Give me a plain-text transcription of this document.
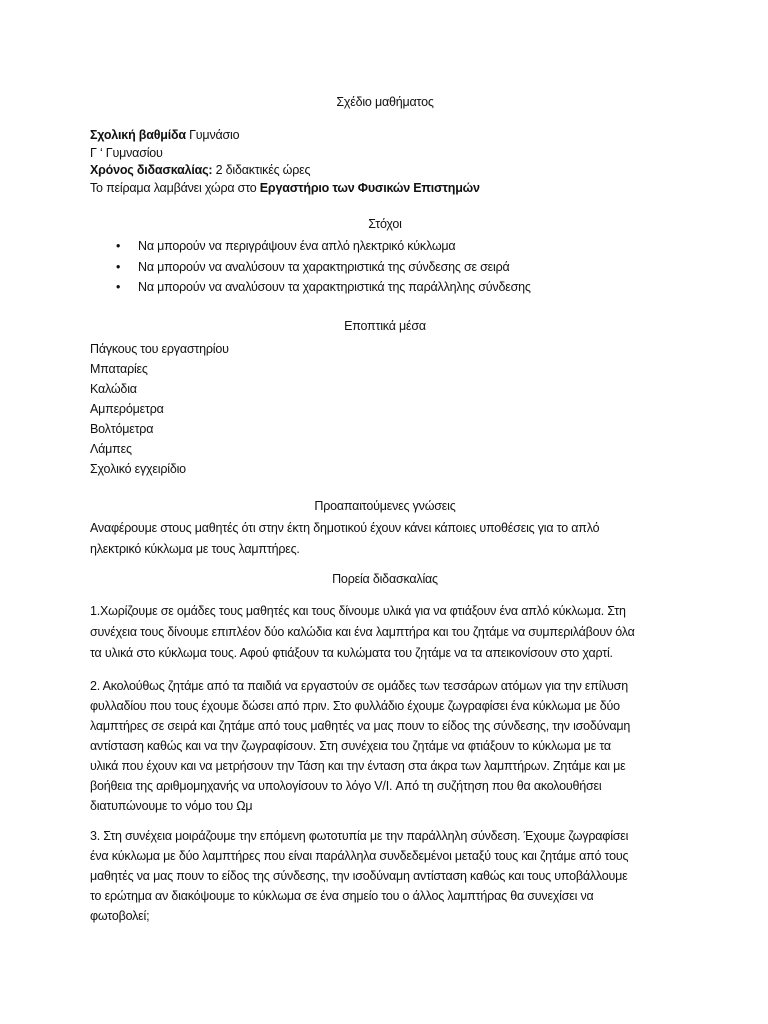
Σχέδιο μαθήματος
Σχολική βαθμίδα Γυμνάσιο
Γ ‘ Γυμνασίου
Χρόνος διδασκαλίας: 2 διδακτικές ώρες
Το πείραμα λαμβάνει χώρα στο Εργαστήριο των Φυσικών Επιστημών
Στόχοι
• Να μπορούν να περιγράψουν ένα απλό ηλεκτρικό κύκλωμα
• Να μπορούν να αναλύσουν τα χαρακτηριστικά της σύνδεσης σε σειρά
• Να μπορούν να αναλύσουν τα χαρακτηριστικά της παράλληλης σύνδεσης
Εποπτικά μέσα
Πάγκους του εργαστηρίου
Μπαταρίες
Καλώδια
Αμπερόμετρα
Βολτόμετρα
Λάμπες
Σχολικό εγχειρίδιο
Προαπαιτούμενες γνώσεις
Αναφέρουμε στους μαθητές ότι στην έκτη δημοτικού έχουν κάνει κάποιες υποθέσεις για το απλό
ηλεκτρικό κύκλωμα με τους λαμπτήρες.
Πορεία διδασκαλίας
1.Χωρίζουμε σε ομάδες τους μαθητές και τους δίνουμε υλικά για να φτιάξουν ένα απλό κύκλωμα. Στη
συνέχεια τους δίνουμε επιπλέον δύο καλώδια και ένα λαμπτήρα και του ζητάμε να συμπεριλάβουν όλα
τα υλικά στο κύκλωμα τους. Αφού φτιάξουν τα κυλώματα του ζητάμε να τα απεικονίσουν στο χαρτί.
2. Ακολούθως ζητάμε από τα παιδιά να εργαστούν σε ομάδες των τεσσάρων ατόμων για την επίλυση
φυλλαδίου που τους έχουμε δώσει από πριν. Στο φυλλάδιο έχουμε ζωγραφίσει ένα κύκλωμα με δύο
λαμπτήρες σε σειρά και ζητάμε από τους μαθητές να μας πουν το είδος της σύνδεσης, την ισοδύναμη
αντίσταση καθώς και να την ζωγραφίσουν. Στη συνέχεια του ζητάμε να φτιάξουν το κύκλωμα με τα
υλικά που έχουν και να μετρήσουν την Τάση και την ένταση στα άκρα των λαμπτήρων. Ζητάμε και με
βοήθεια της αριθμομηχανής να υπολογίσουν το λόγο V/I. Από τη συζήτηση που θα ακολουθήσει
διατυπώνουμε το νόμο του Ωμ
3. Στη συνέχεια μοιράζουμε την επόμενη φωτοτυπία με την παράλληλη σύνδεση. Έχουμε ζωγραφίσει
ένα κύκλωμα με δύο λαμπτήρες που είναι παράλληλα συνδεδεμένοι μεταξύ τους και ζητάμε από τους
μαθητές να μας πουν το είδος της σύνδεσης, την ισοδύναμη αντίσταση καθώς και τους υποβάλλουμε
το ερώτημα αν διακόψουμε το κύκλωμα σε ένα σημείο του ο άλλος λαμπτήρας θα συνεχίσει να
φωτοβολεί;
